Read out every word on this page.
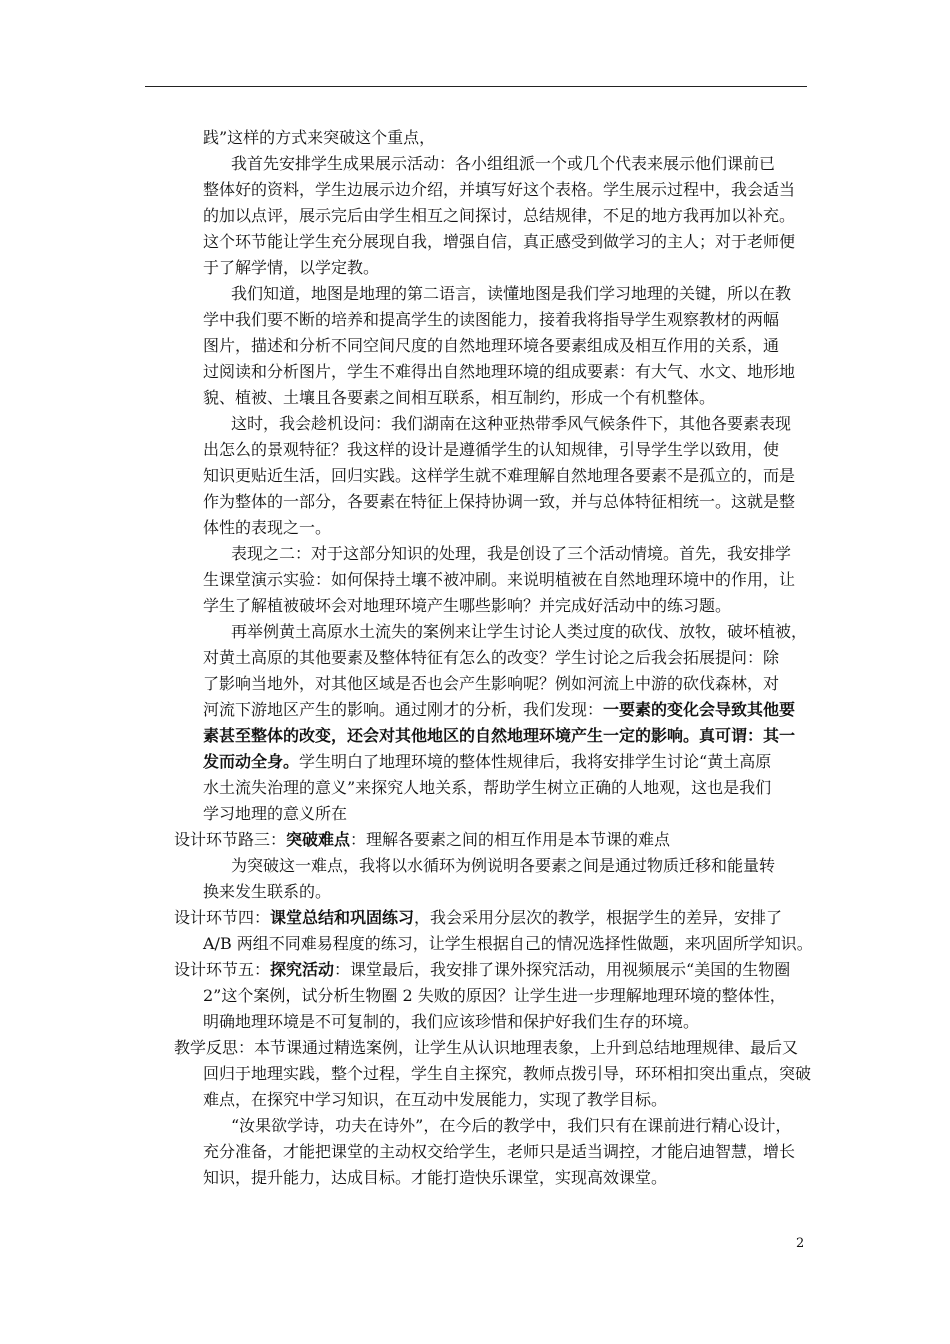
践”这样的方式来突破这个重点，
我首先安排学生成果展示活动：各小组组派一个或几个代表来展示他们课前已
整体好的资料，学生边展示边介绍，并填写好这个表格。学生展示过程中，我会适当
的加以点评，展示完后由学生相互之间探讨，总结规律，不足的地方我再加以补充。
这个环节能让学生充分展现自我，增强自信，真正感受到做学习的主人；对于老师便
于了解学情，以学定教。
我们知道，地图是地理的第二语言，读懂地图是我们学习地理的关键，所以在教
学中我们要不断的培养和提高学生的读图能力，接着我将指导学生观察教材的两幅
图片，描述和分析不同空间尺度的自然地理环境各要素组成及相互作用的关系，通
过阅读和分析图片，学生不难得出自然地理环境的组成要素：有大气、水文、地形地
貌、植被、土壤且各要素之间相互联系，相互制约，形成一个有机整体。
这时，我会趁机设问：我们湖南在这种亚热带季风气候条件下，其他各要素表现
出怎么的景观特征？我这样的设计是遵循学生的认知规律，引导学生学以致用，使
知识更贴近生活，回归实践。这样学生就不难理解自然地理各要素不是孤立的，而是
作为整体的一部分，各要素在特征上保持协调一致，并与总体特征相统一。这就是整
体性的表现之一。
表现之二：对于这部分知识的处理，我是创设了三个活动情境。首先，我安排学
生课堂演示实验：如何保持土壤不被冲刷。来说明植被在自然地理环境中的作用，让
学生了解植被破坏会对地理环境产生哪些影响？并完成好活动中的练习题。
再举例黄土高原水土流失的案例来让学生讨论人类过度的砍伐、放牧，破坏植被，
对黄土高原的其他要素及整体特征有怎么的改变？学生讨论之后我会拓展提问：除
了影响当地外，对其他区域是否也会产生影响呢？例如河流上中游的砍伐森林，对
河流下游地区产生的影响。通过刚才的分析，我们发现：一要素的变化会导致其他要
素甚至整体的改变，还会对其他地区的自然地理环境产生一定的影响。真可谓：其一
发而动全身。学生明白了地理环境的整体性规律后，我将安排学生讨论“黄土高原
水土流失治理的意义”来探究人地关系，帮助学生树立正确的人地观，这也是我们
学习地理的意义所在
设计环节路三：突破难点：理解各要素之间的相互作用是本节课的难点
为突破这一难点，我将以水循环为例说明各要素之间是通过物质迁移和能量转
换来发生联系的。
设计环节四：课堂总结和巩固练习，我会采用分层次的教学，根据学生的差异，安排了
A/B 两组不同难易程度的练习，让学生根据自己的情况选择性做题，来巩固所学知识。
设计环节五：探究活动：课堂最后，我安排了课外探究活动，用视频展示“美国的生物圈
2”这个案例，试分析生物圈 2 失败的原因？让学生进一步理解地理环境的整体性，
明确地理环境是不可复制的，我们应该珍惜和保护好我们生存的环境。
教学反思：本节课通过精选案例，让学生从认识地理表象，上升到总结地理规律、最后又
回归于地理实践，整个过程，学生自主探究，教师点拨引导，环环相扣突出重点，突破
难点，在探究中学习知识，在互动中发展能力，实现了教学目标。
“汝果欲学诗，功夫在诗外”，在今后的教学中，我们只有在课前进行精心设计，
充分准备，才能把课堂的主动权交给学生，老师只是适当调控，才能启迪智慧，增长
知识，提升能力，达成目标。才能打造快乐课堂，实现高效课堂。
2
